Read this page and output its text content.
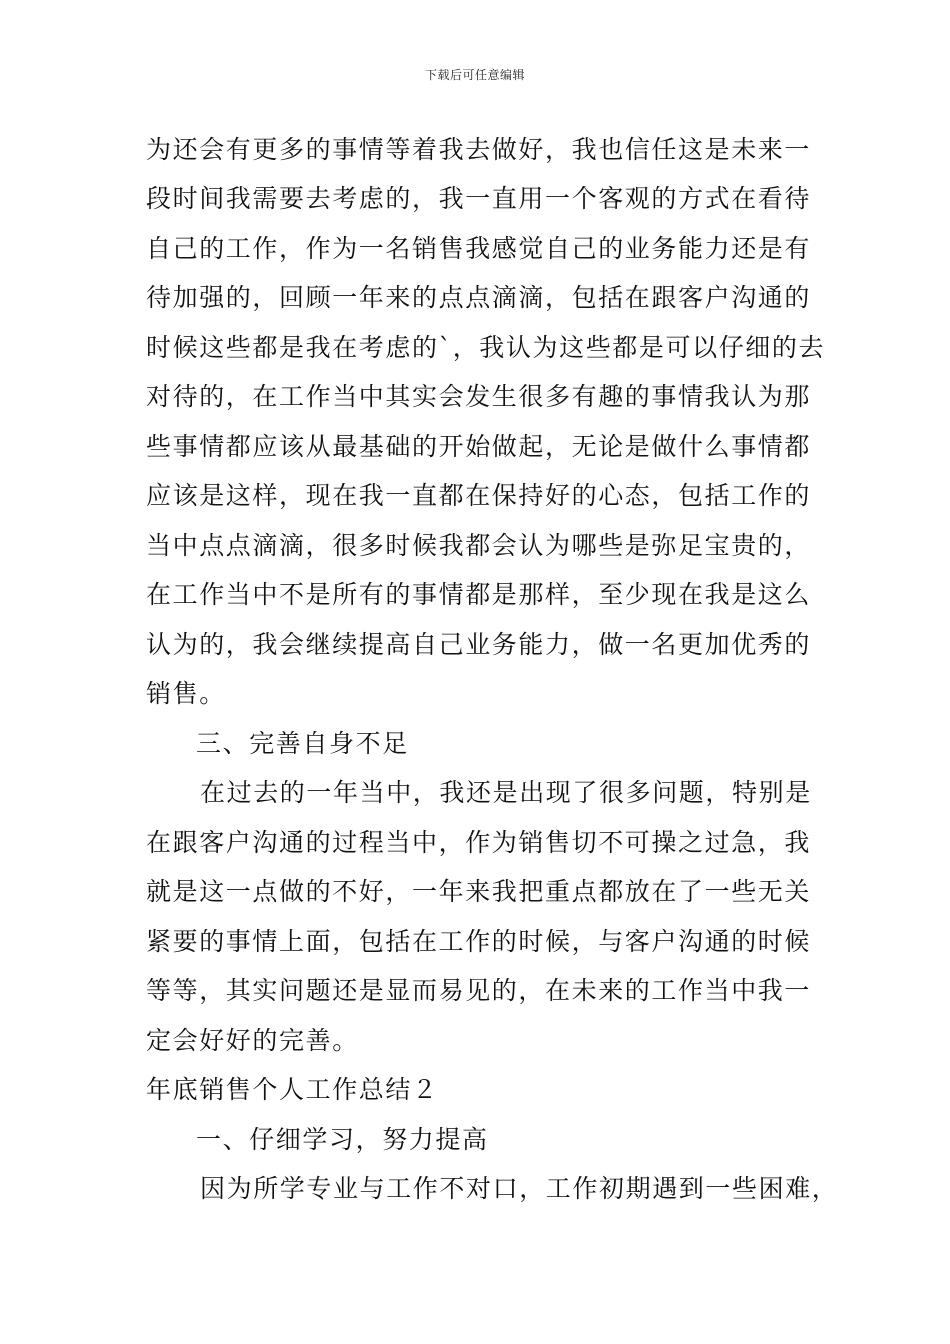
下载后可任意编辑
为还会有更多的事情等着我去做好，我也信任这是未来一
段时间我需要去考虑的，我一直用一个客观的方式在看待
自己的工作，作为一名销售我感觉自己的业务能力还是有
待加强的，回顾一年来的点点滴滴，包括在跟客户沟通的
时候这些都是我在考虑的`，我认为这些都是可以仔细的去
对待的，在工作当中其实会发生很多有趣的事情我认为那
些事情都应该从最基础的开始做起，无论是做什么事情都
应该是这样，现在我一直都在保持好的心态，包括工作的
当中点点滴滴，很多时候我都会认为哪些是弥足宝贵的，
在工作当中不是所有的事情都是那样，至少现在我是这么
认为的，我会继续提高自己业务能力，做一名更加优秀的
销售。
三、完善自身不足
在过去的一年当中，我还是出现了很多问题，特别是
在跟客户沟通的过程当中，作为销售切不可操之过急，我
就是这一点做的不好，一年来我把重点都放在了一些无关
紧要的事情上面，包括在工作的时候，与客户沟通的时候
等等，其实问题还是显而易见的，在未来的工作当中我一
定会好好的完善。
年底销售个人工作总结２
一、仔细学习，努力提高
因为所学专业与工作不对口，工作初期遇到一些困难，
